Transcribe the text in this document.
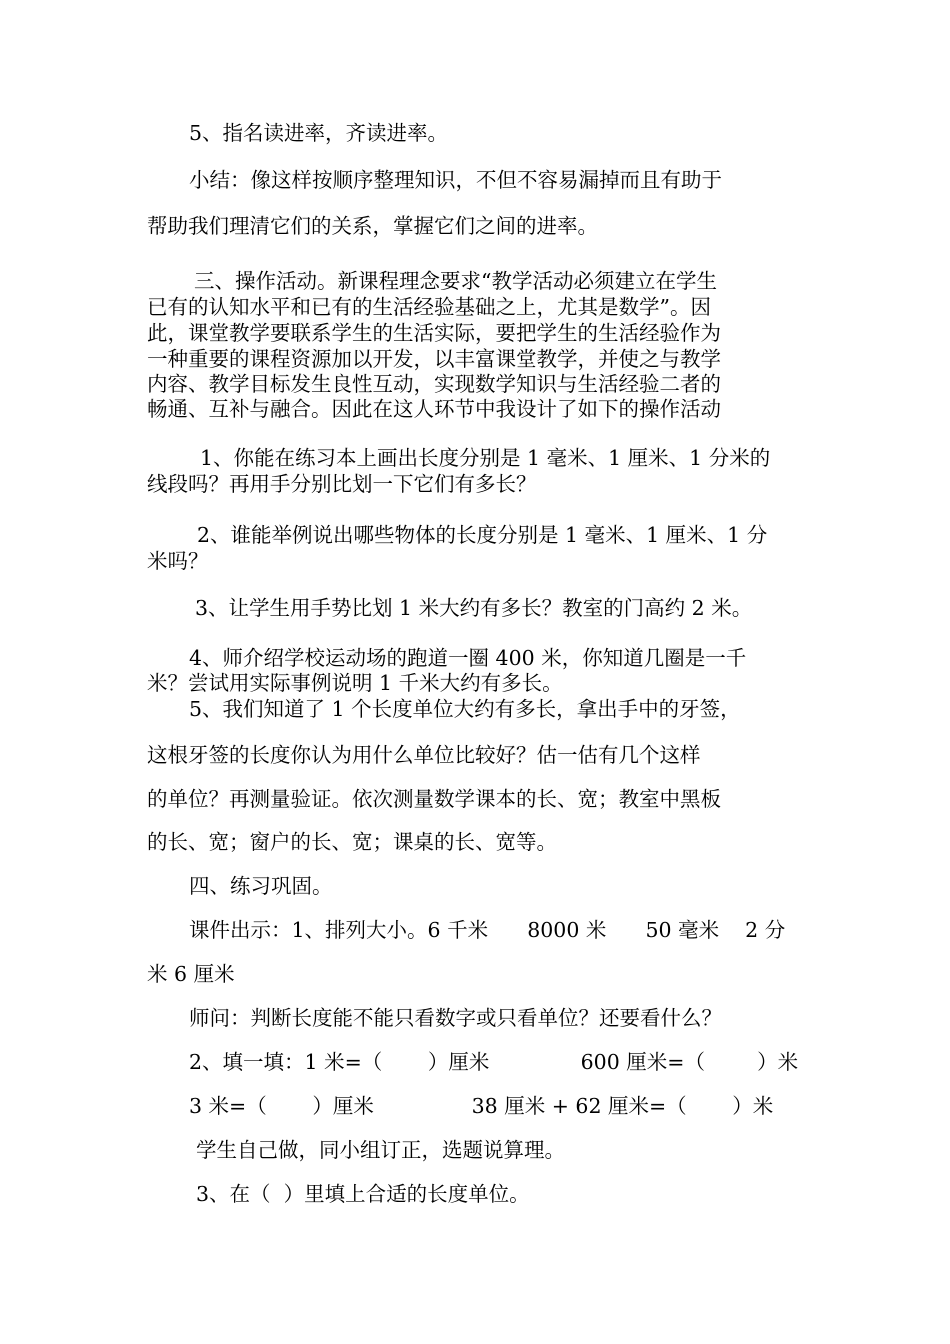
5、指名读进率，齐读进率。

小结：像这样按顺序整理知识，不但不容易漏掉而且有助于

帮助我们理清它们的关系，掌握它们之间的进率。

三、操作活动。新课程理念要求“教学活动必须建立在学生

已有的认知水平和已有的生活经验基础之上，尤其是数学”。因

此，课堂教学要联系学生的生活实际，要把学生的生活经验作为

一种重要的课程资源加以开发，以丰富课堂教学，并使之与教学

内容、教学目标发生良性互动，实现数学知识与生活经验二者的

畅通、互补与融合。因此在这人环节中我设计了如下的操作活动

1、你能在练习本上画出长度分别是 1 毫米、1 厘米、1 分米的

线段吗？再用手分别比划一下它们有多长？

2、谁能举例说出哪些物体的长度分别是 1 毫米、1 厘米、1 分

米吗？

3、让学生用手势比划 1 米大约有多长？教室的门高约 2 米。

4、师介绍学校运动场的跑道一圈 400 米，你知道几圈是一千

米？尝试用实际事例说明 1 千米大约有多长。

5、我们知道了 1 个长度单位大约有多长，拿出手中的牙签，

这根牙签的长度你认为用什么单位比较好？估一估有几个这样

的单位？再测量验证。依次测量数学课本的长、宽；教室中黑板

的长、宽；窗户的长、宽；课桌的长、宽等。

四、练习巩固。

课件出示：1、排列大小。6 千米      8000 米      50 毫米    2 分

米 6 厘米

师问：判断长度能不能只看数字或只看单位？还要看什么？

2、填一填：1 米=（       ）厘米              600 厘米=（        ）米

3 米=（       ）厘米               38 厘米 + 62 厘米=（       ）米

学生自己做，同小组订正，选题说算理。

3、在（  ）里填上合适的长度单位。
